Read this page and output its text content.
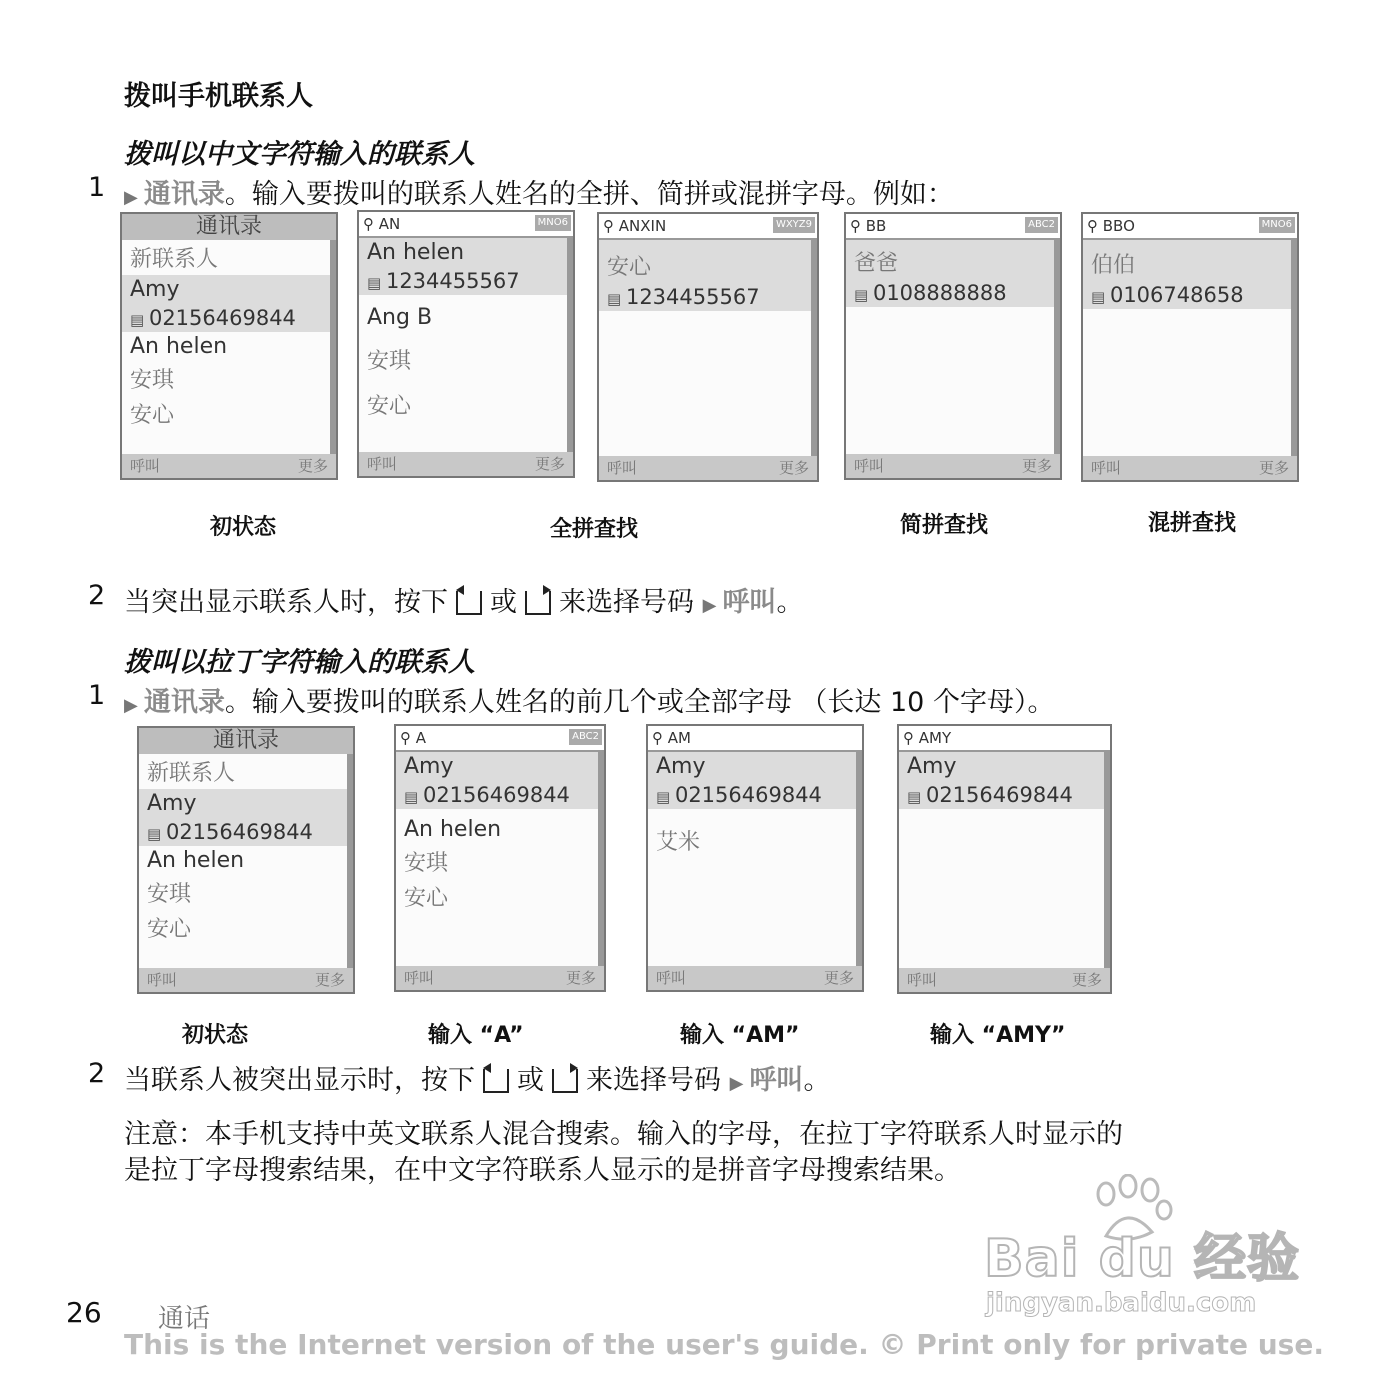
拨叫手机联系人
拨叫以中文字符输入的联系人
1 ▶ 通讯录。输入要拨叫的联系人姓名的全拼、简拼或混拼字母。例如：
通讯录
新联系人
Amy
▤ 02156469844
An helen
安琪
安心
呼叫	更多
⚲ AN	MNO6
An helen
▤ 1234455567
Ang B
安琪
安心
呼叫	更多
⚲ ANXIN	WXYZ9
安心
▤ 1234455567
呼叫	更多
⚲ BB	ABC2
爸爸
▤ 0108888888
呼叫	更多
⚲ BBO	MNO6
伯伯
▤ 0106748658
呼叫	更多
初状态	全拼查找	简拼查找	混拼查找
2 当突出显示联系人时，按下 或 来选择号码 ▶ 呼叫。
拨叫以拉丁字符输入的联系人
1 ▶ 通讯录。输入要拨叫的联系人姓名的前几个或全部字母 （长达 10 个字母）。
通讯录
新联系人
Amy
▤ 02156469844
An helen
安琪
安心
呼叫	更多
⚲ A	ABC2
Amy
▤ 02156469844
An helen
安琪
安心
呼叫	更多
⚲ AM
Amy
▤ 02156469844
艾米
呼叫	更多
⚲ AMY
Amy
▤ 02156469844
呼叫	更多
初状态	输入 “A”	输入 “AM”	输入 “AMY”
2 当联系人被突出显示时，按下 或 来选择号码 ▶ 呼叫。
注意：本手机支持中英文联系人混合搜索。输入的字母，在拉丁字符联系人时显示的
是拉丁字母搜索结果，在中文字符联系人显示的是拼音字母搜索结果。
Bai du 经验
jingyan.baidu.com
26 通话
This is the Internet version of the user's guide. © Print only for private use.
